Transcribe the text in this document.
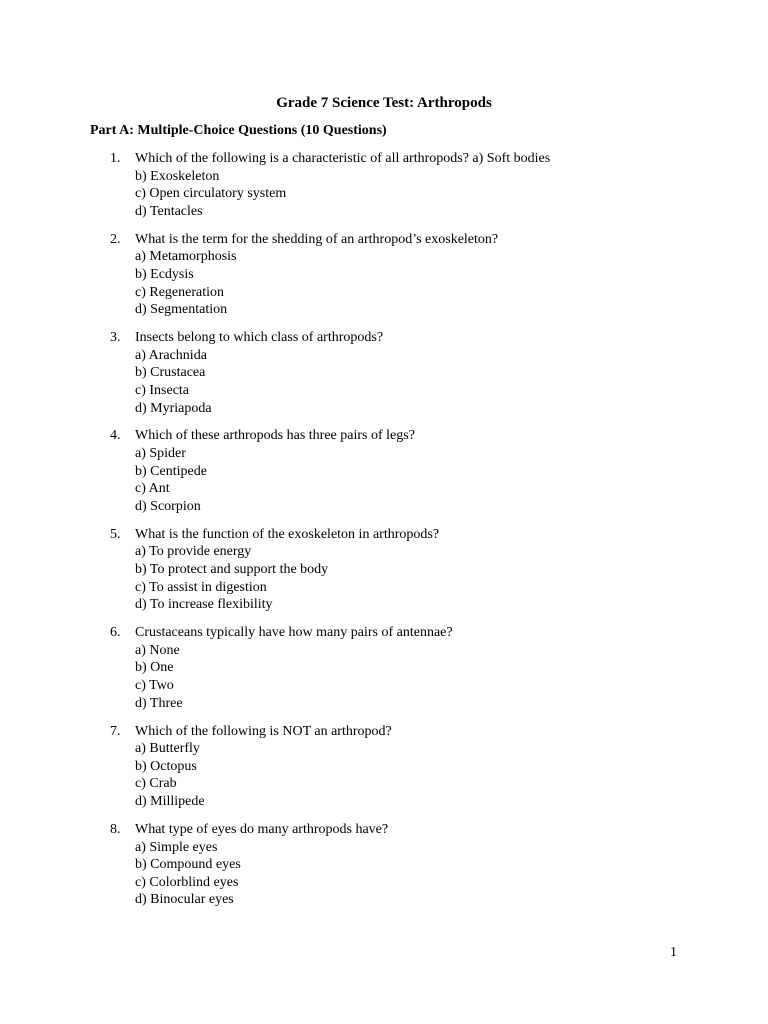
Grade 7 Science Test: Arthropods
Part A: Multiple-Choice Questions (10 Questions)
1.	Which of the following is a characteristic of all arthropods? a) Soft bodies
b) Exoskeleton
c) Open circulatory system
d) Tentacles
2.	What is the term for the shedding of an arthropod’s exoskeleton?
a) Metamorphosis
b) Ecdysis
c) Regeneration
d) Segmentation
3.	Insects belong to which class of arthropods?
a) Arachnida
b) Crustacea
c) Insecta
d) Myriapoda
4.	Which of these arthropods has three pairs of legs?
a) Spider
b) Centipede
c) Ant
d) Scorpion
5.	What is the function of the exoskeleton in arthropods?
a) To provide energy
b) To protect and support the body
c) To assist in digestion
d) To increase flexibility
6.	Crustaceans typically have how many pairs of antennae?
a) None
b) One
c) Two
d) Three
7.	Which of the following is NOT an arthropod?
a) Butterfly
b) Octopus
c) Crab
d) Millipede
8.	What type of eyes do many arthropods have?
a) Simple eyes
b) Compound eyes
c) Colorblind eyes
d) Binocular eyes
1
